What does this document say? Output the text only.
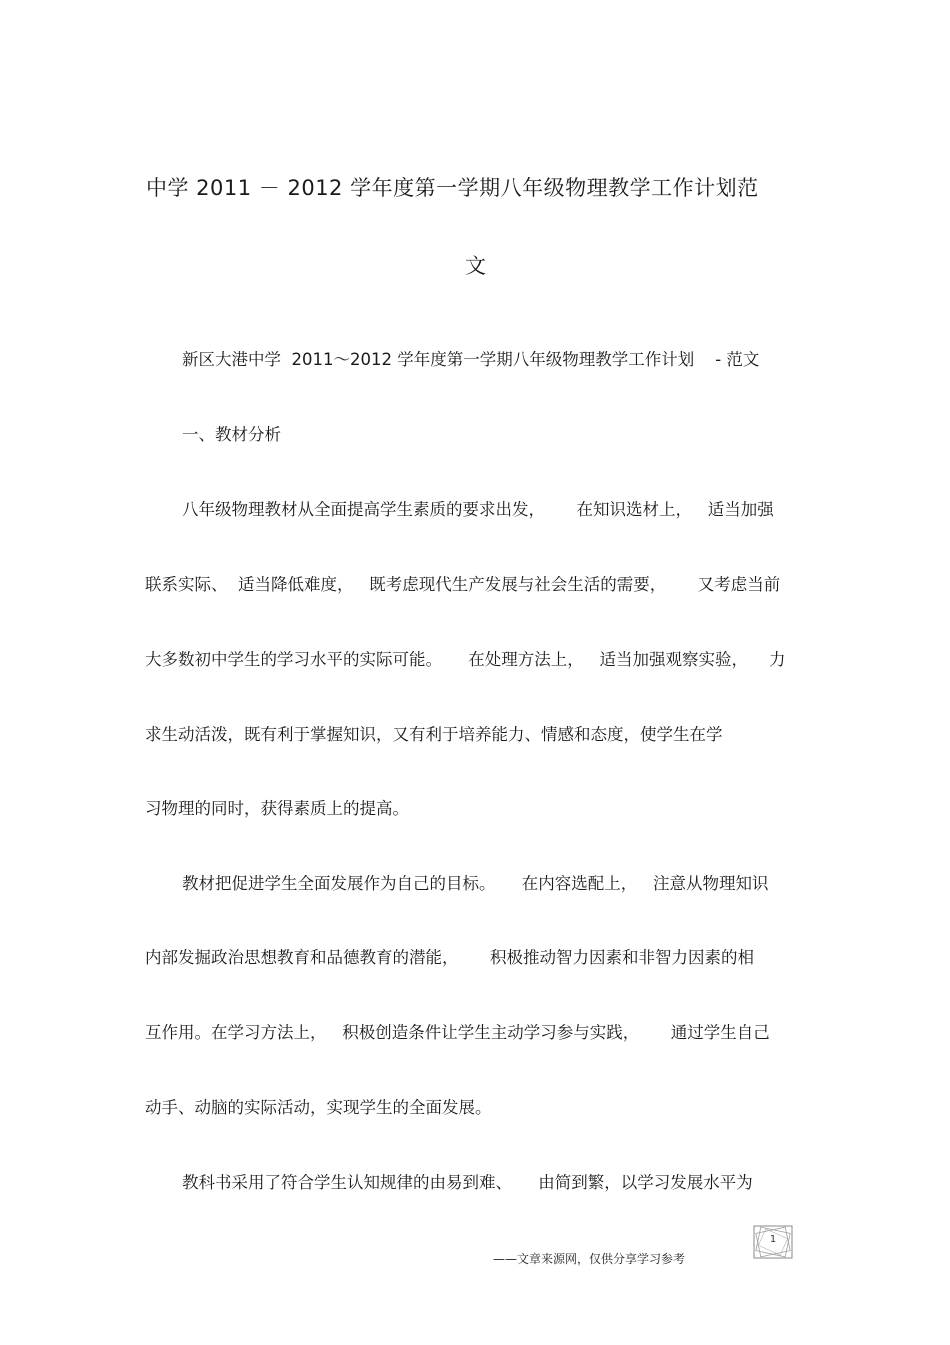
中学 2011 － 2012 学年度第一学期八年级物理教学工作计划范
文
新区大港中学  2011～2012 学年度第一学期八年级物理教学工作计划    - 范文
一、教材分析
八年级物理教材从全面提高学生素质的要求出发，      在知识选材上，   适当加强
联系实际、  适当降低难度，   既考虑现代生产发展与社会生活的需要，      又考虑当前
大多数初中学生的学习水平的实际可能。     在处理方法上，   适当加强观察实验，    力
求生动活泼，既有利于掌握知识，又有利于培养能力、情感和态度，使学生在学
习物理的同时，获得素质上的提高。
教材把促进学生全面发展作为自己的目标。     在内容选配上，   注意从物理知识
内部发掘政治思想教育和品德教育的潜能，      积极推动智力因素和非智力因素的相
互作用。在学习方法上，   积极创造条件让学生主动学习参与实践，      通过学生自己
动手、动脑的实际活动，实现学生的全面发展。
教科书采用了符合学生认知规律的由易到难、     由简到繁，以学习发展水平为
——文章来源网，仅供分享学习参考
1
